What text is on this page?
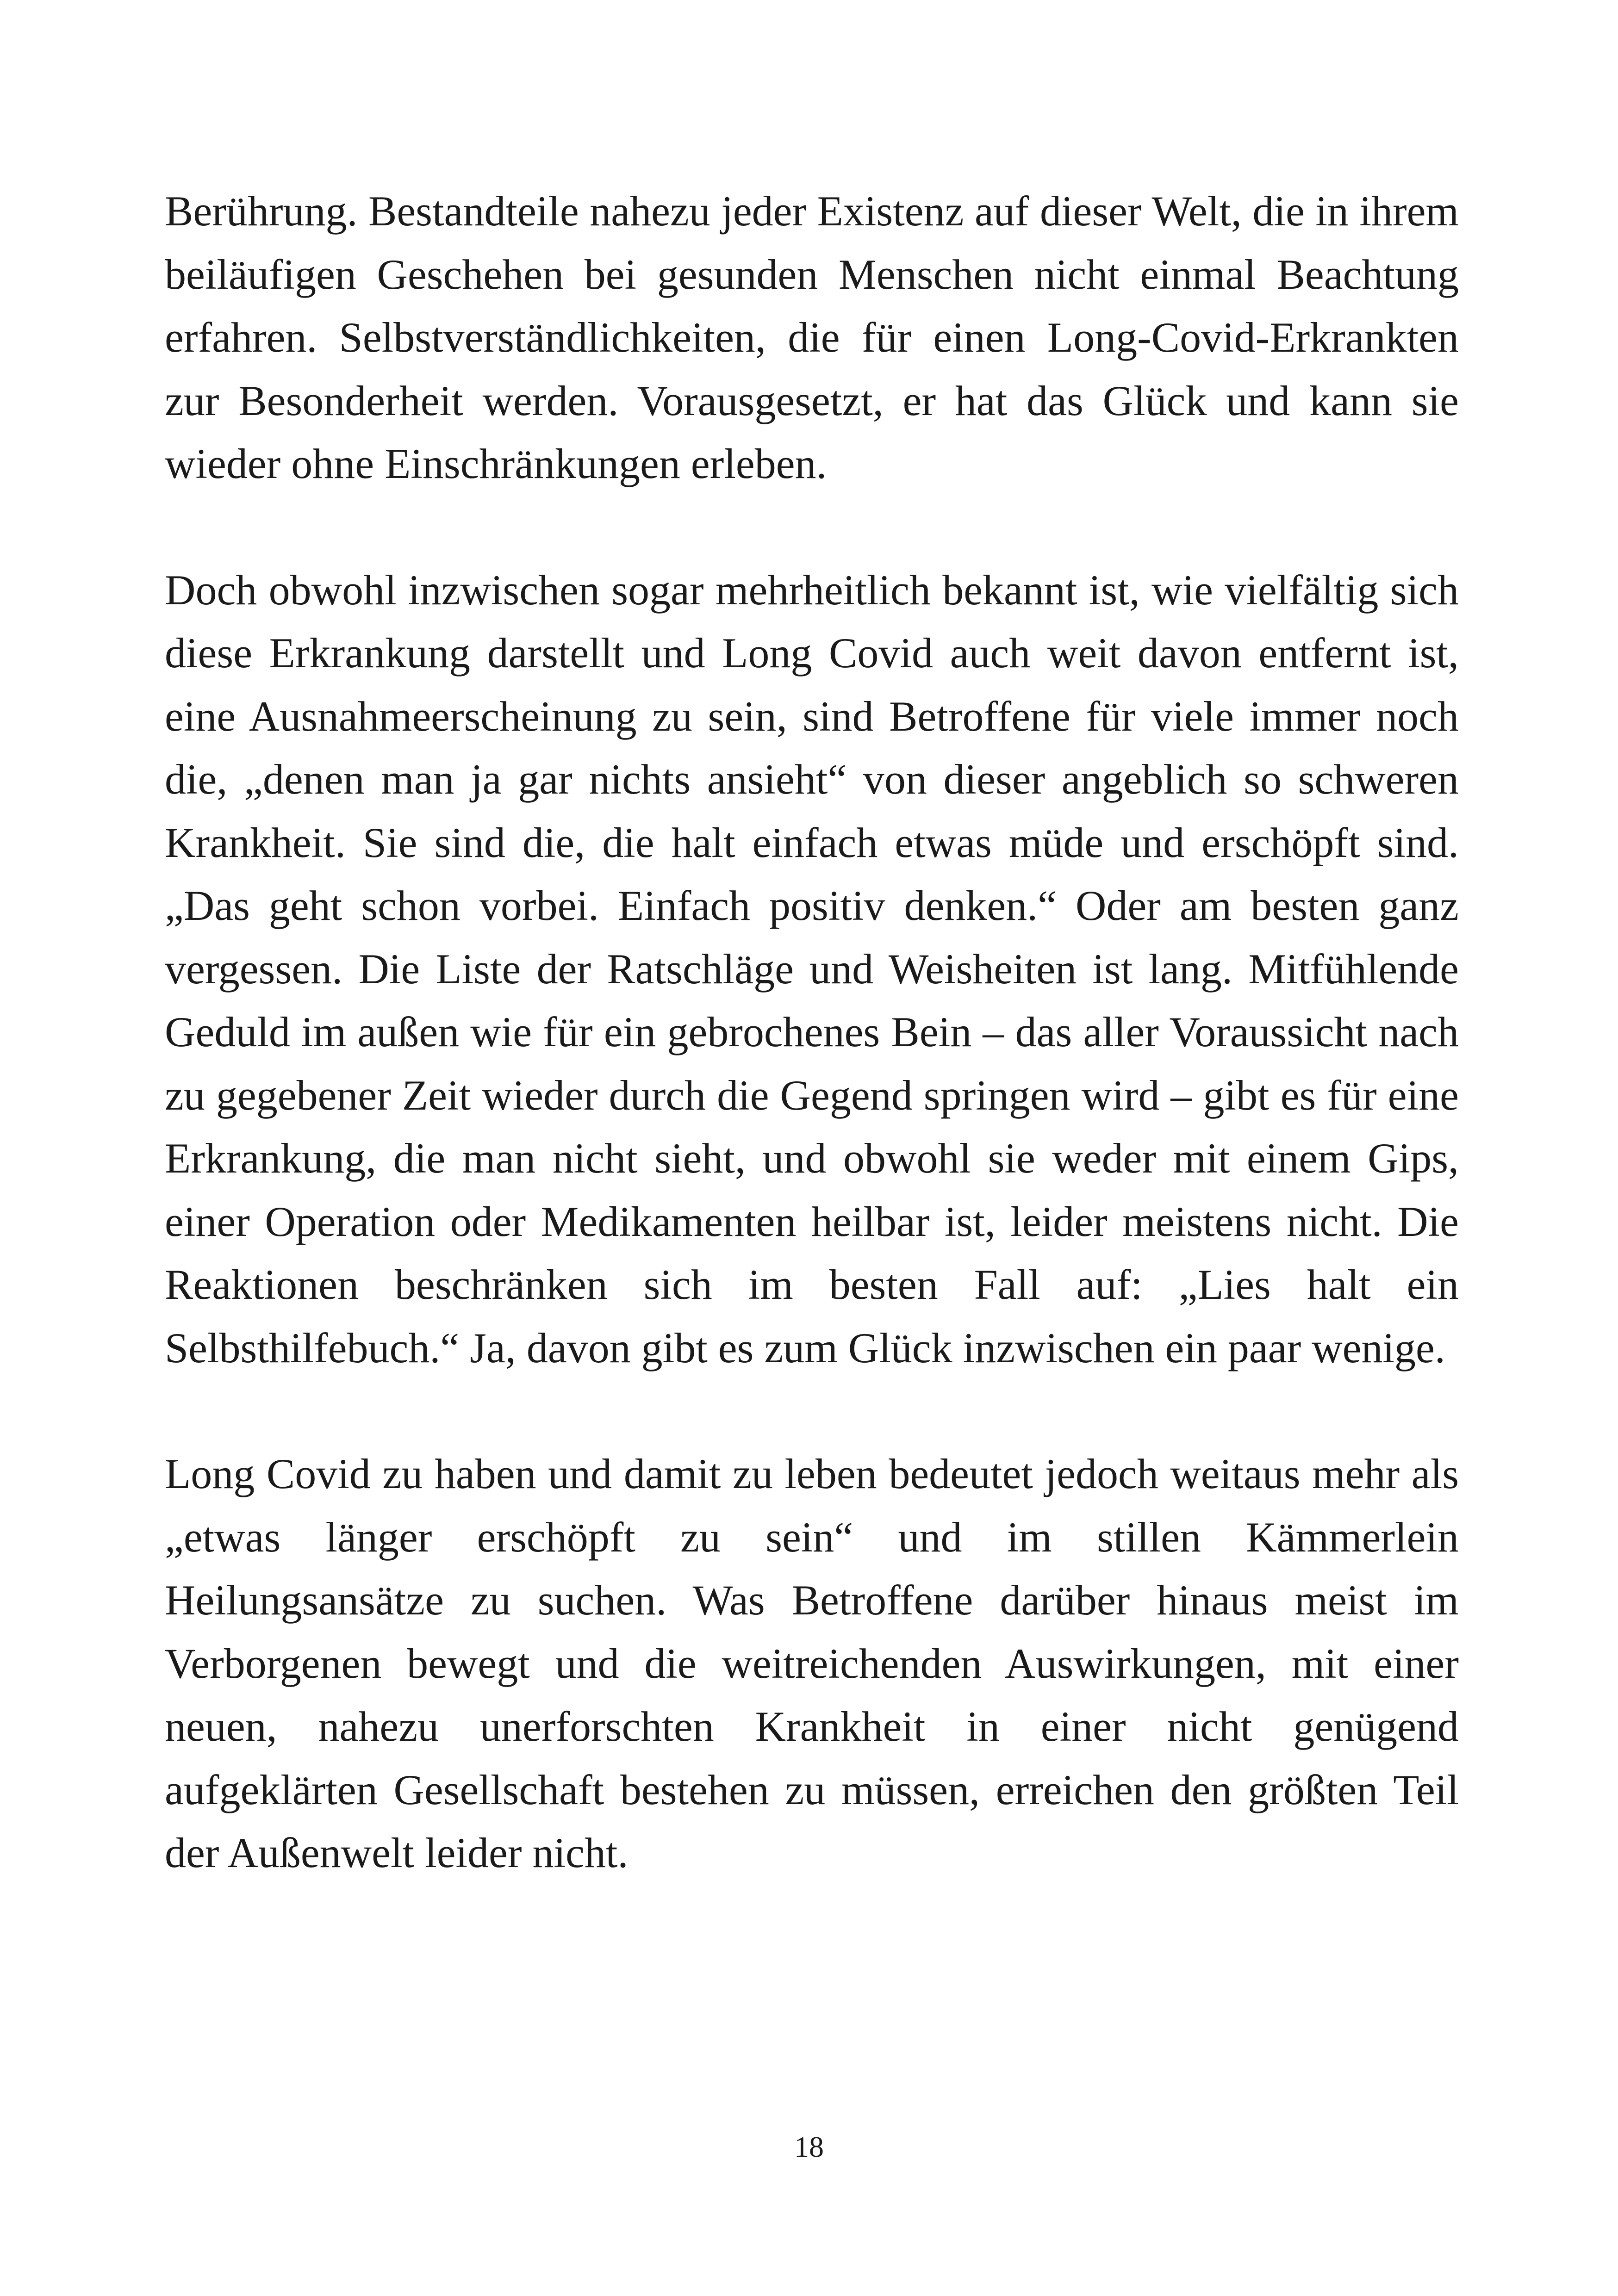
Berührung. Bestandteile nahezu jeder Existenz auf dieser Welt, die in ihrem beiläufigen Geschehen bei gesunden Menschen nicht einmal Beachtung erfahren. Selbstverständlichkeiten, die für einen Long-Covid-Erkrankten zur Besonderheit werden. Vorausgesetzt, er hat das Glück und kann sie wieder ohne Einschränkungen erleben.

Doch obwohl inzwischen sogar mehrheitlich bekannt ist, wie vielfältig sich diese Erkrankung darstellt und Long Covid auch weit davon entfernt ist, eine Ausnahmeerscheinung zu sein, sind Betroffene für viele immer noch die, „denen man ja gar nichts ansieht“ von dieser angeblich so schweren Krankheit. Sie sind die, die halt einfach etwas müde und erschöpft sind. „Das geht schon vorbei. Einfach positiv denken.“ Oder am besten ganz vergessen. Die Liste der Ratschläge und Weisheiten ist lang. Mitfühlende Geduld im außen wie für ein gebrochenes Bein – das aller Voraussicht nach zu gegebener Zeit wieder durch die Gegend springen wird – gibt es für eine Erkrankung, die man nicht sieht, und obwohl sie weder mit einem Gips, einer Operation oder Medikamenten heilbar ist, leider meistens nicht. Die Reaktionen beschränken sich im besten Fall auf: „Lies halt ein Selbsthilfebuch.“ Ja, davon gibt es zum Glück inzwischen ein paar wenige.

Long Covid zu haben und damit zu leben bedeutet jedoch weitaus mehr als „etwas länger erschöpft zu sein“ und im stillen Kämmerlein Heilungsansätze zu suchen. Was Betroffene darüber hinaus meist im Verborgenen bewegt und die weitreichenden Auswirkungen, mit einer neuen, nahezu unerforschten Krankheit in einer nicht genügend aufgeklärten Gesellschaft bestehen zu müssen, erreichen den größten Teil der Außenwelt leider nicht.

18
